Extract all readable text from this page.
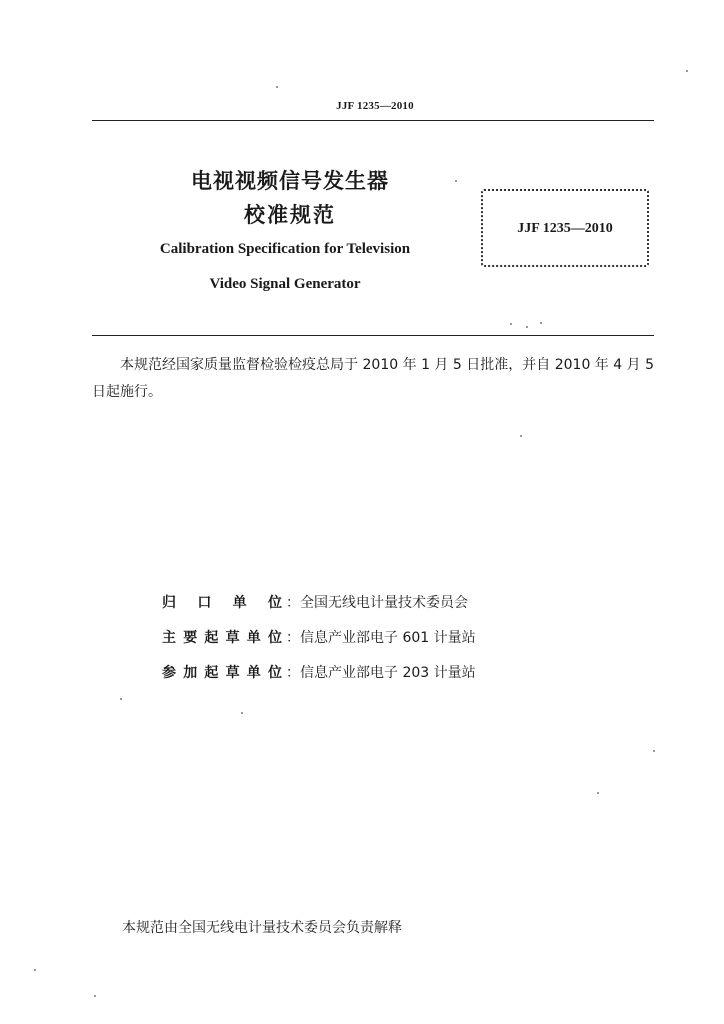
JJF 1235—2010
电视视频信号发生器
校准规范
Calibration Specification for Television
Video Signal Generator
JJF 1235—2010
本规范经国家质量监督检验检疫总局于 2010 年 1 月 5 日批准，并自 2010 年 4 月 5 日起施行。
归口单位 ：全国无线电计量技术委员会
主要起草单位 ：信息产业部电子 601 计量站
参加起草单位 ：信息产业部电子 203 计量站
本规范由全国无线电计量技术委员会负责解释
